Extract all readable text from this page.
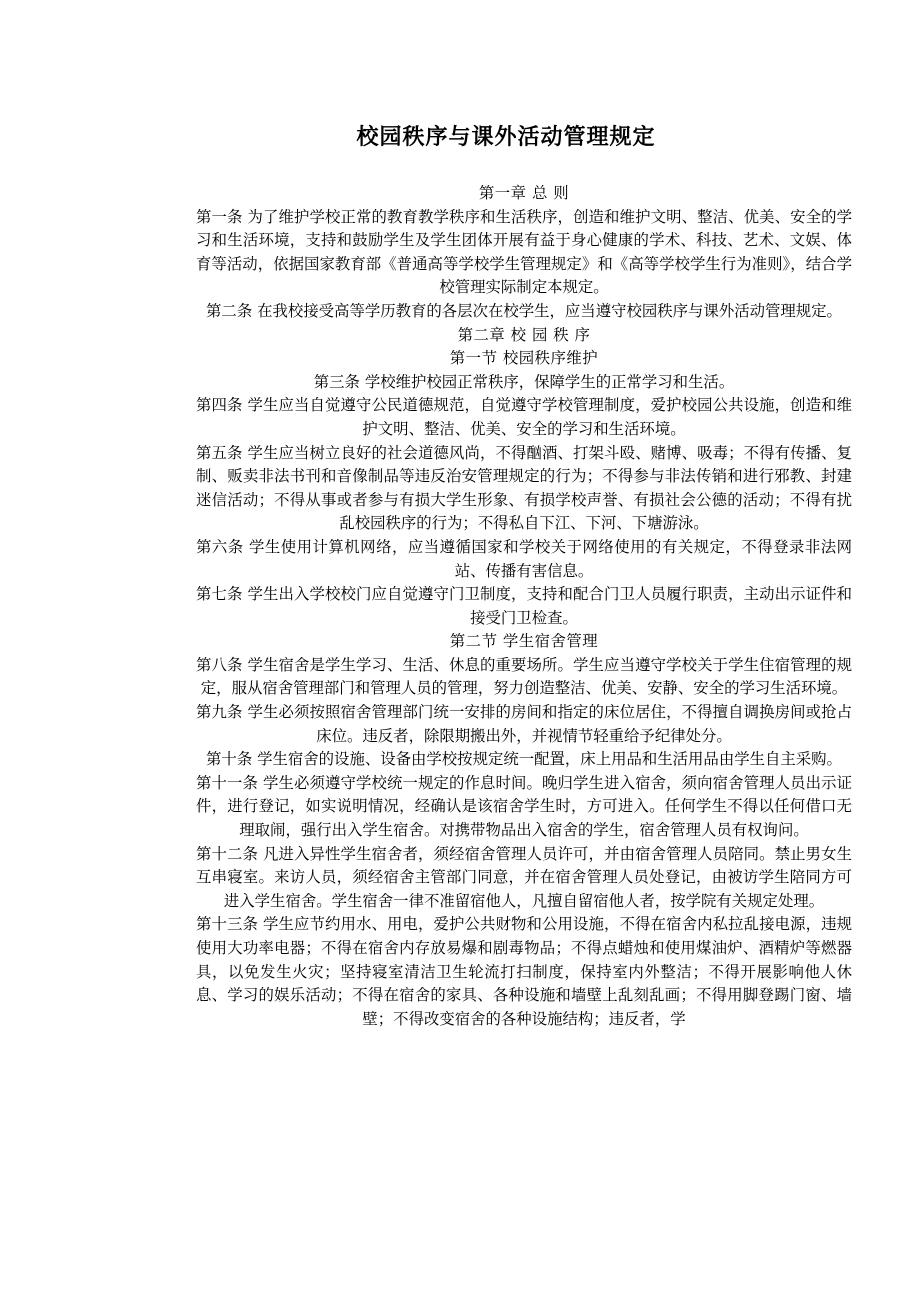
校园秩序与课外活动管理规定

第一章 总 则

第一条 为了维护学校正常的教育教学秩序和生活秩序，创造和维护文明、整洁、优美、安全的学习和生活环境，支持和鼓励学生及学生团体开展有益于身心健康的学术、科技、艺术、文娱、体育等活动，依据国家教育部《普通高等学校学生管理规定》和《高等学校学生行为准则》，结合学校管理实际制定本规定。

第二条 在我校接受高等学历教育的各层次在校学生，应当遵守校园秩序与课外活动管理规定。

第二章 校 园 秩 序

第一节 校园秩序维护

第三条 学校维护校园正常秩序，保障学生的正常学习和生活。

第四条 学生应当自觉遵守公民道德规范，自觉遵守学校管理制度，爱护校园公共设施，创造和维护文明、整洁、优美、安全的学习和生活环境。

第五条 学生应当树立良好的社会道德风尚，不得酗酒、打架斗殴、赌博、吸毒；不得有传播、复制、贩卖非法书刊和音像制品等违反治安管理规定的行为；不得参与非法传销和进行邪教、封建迷信活动；不得从事或者参与有损大学生形象、有损学校声誉、有损社会公德的活动；不得有扰乱校园秩序的行为；不得私自下江、下河、下塘游泳。

第六条 学生使用计算机网络，应当遵循国家和学校关于网络使用的有关规定，不得登录非法网站、传播有害信息。

第七条 学生出入学校校门应自觉遵守门卫制度，支持和配合门卫人员履行职责，主动出示证件和接受门卫检查。

第二节 学生宿舍管理

第八条 学生宿舍是学生学习、生活、休息的重要场所。学生应当遵守学校关于学生住宿管理的规定，服从宿舍管理部门和管理人员的管理，努力创造整洁、优美、安静、安全的学习生活环境。

第九条 学生必须按照宿舍管理部门统一安排的房间和指定的床位居住，不得擅自调换房间或抢占床位。违反者，除限期搬出外，并视情节轻重给予纪律处分。

第十条 学生宿舍的设施、设备由学校按规定统一配置，床上用品和生活用品由学生自主采购。

第十一条 学生必须遵守学校统一规定的作息时间。晚归学生进入宿舍，须向宿舍管理人员出示证件，进行登记，如实说明情况，经确认是该宿舍学生时，方可进入。任何学生不得以任何借口无理取闹，强行出入学生宿舍。对携带物品出入宿舍的学生，宿舍管理人员有权询问。

第十二条 凡进入异性学生宿舍者，须经宿舍管理人员许可，并由宿舍管理人员陪同。禁止男女生互串寝室。来访人员，须经宿舍主管部门同意，并在宿舍管理人员处登记，由被访学生陪同方可进入学生宿舍。学生宿舍一律不准留宿他人，凡擅自留宿他人者，按学院有关规定处理。

第十三条 学生应节约用水、用电，爱护公共财物和公用设施，不得在宿舍内私拉乱接电源，违规使用大功率电器；不得在宿舍内存放易爆和剧毒物品；不得点蜡烛和使用煤油炉、酒精炉等燃器具，以免发生火灾；坚持寝室清洁卫生轮流打扫制度，保持室内外整洁；不得开展影响他人休息、学习的娱乐活动；不得在宿舍的家具、各种设施和墙壁上乱刻乱画；不得用脚登踢门窗、墙壁；不得改变宿舍的各种设施结构；违反者，学
